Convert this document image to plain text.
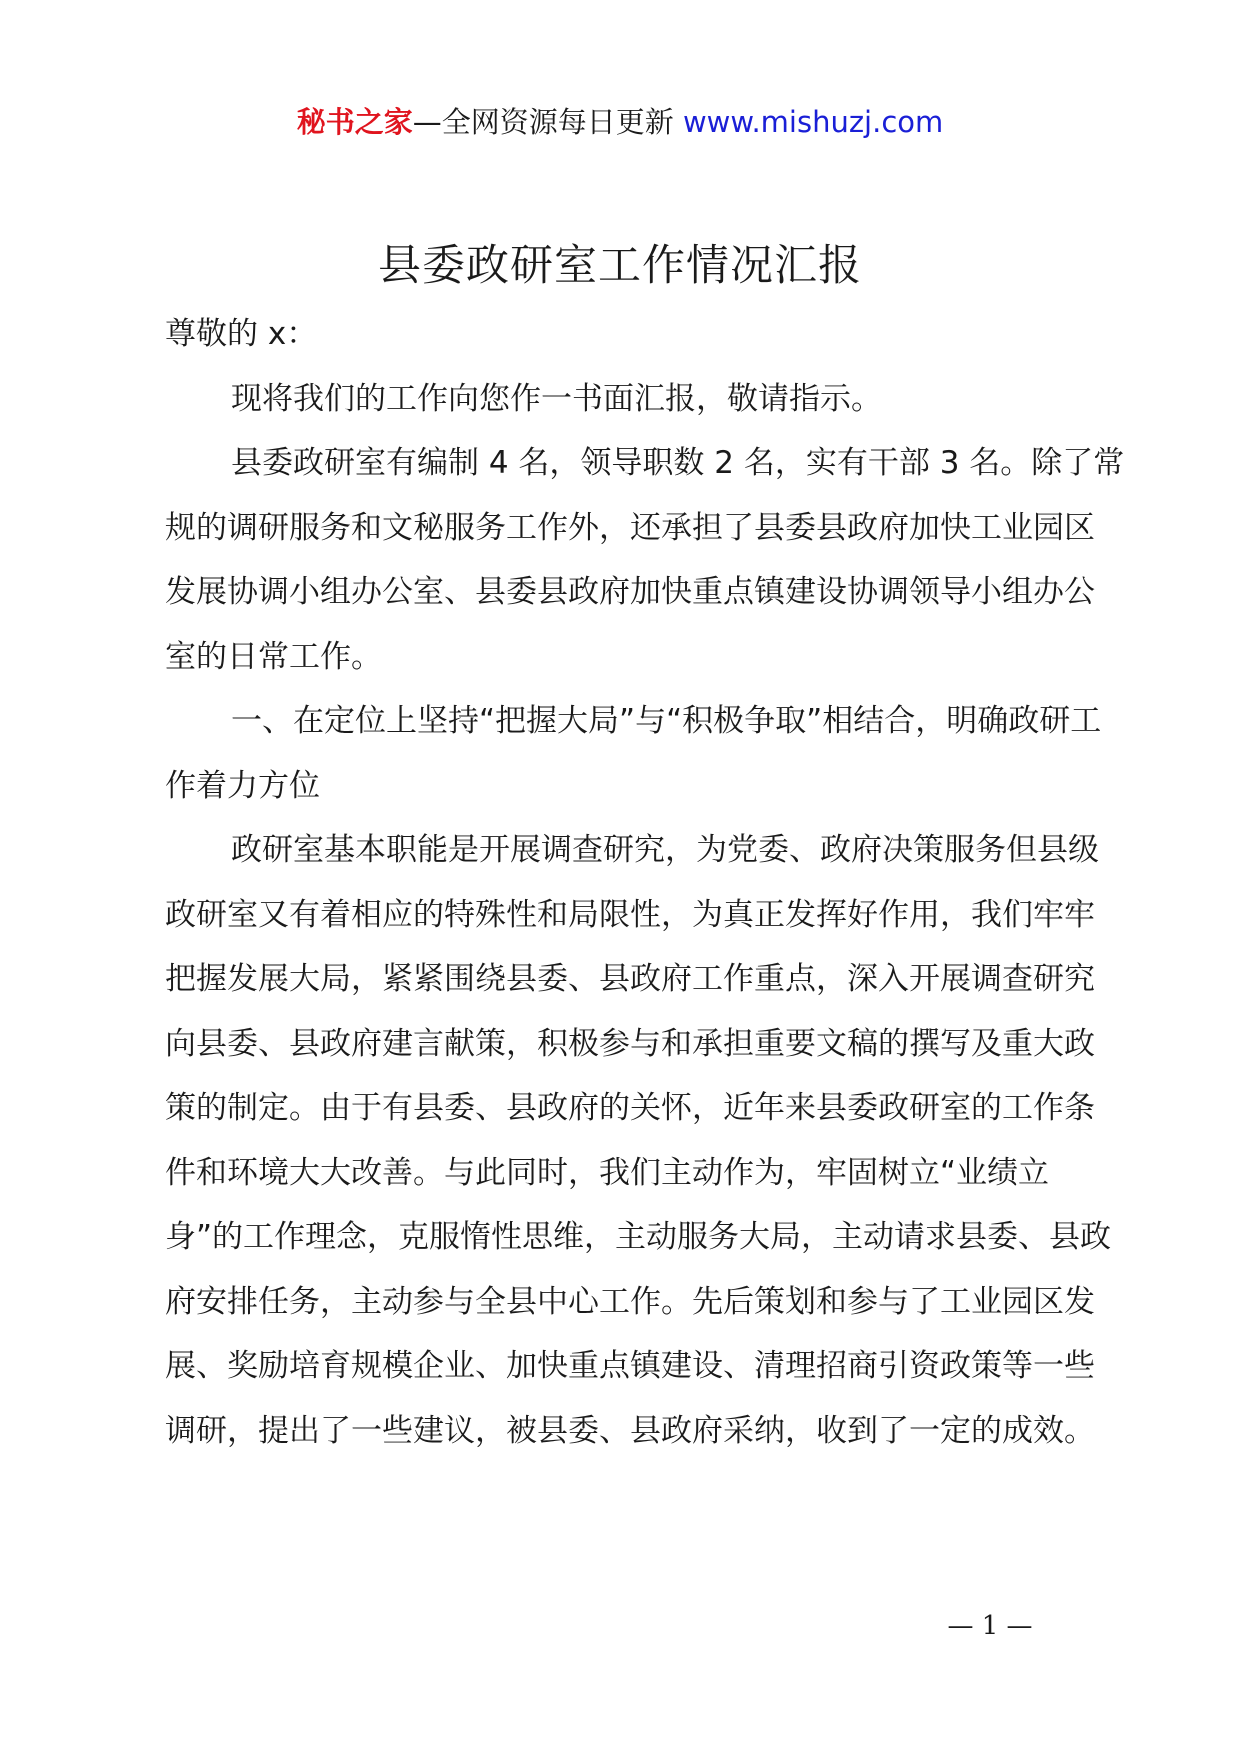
秘书之家—全网资源每日更新 www.mishuzj.com
县委政研室工作情况汇报

尊敬的 x：

现将我们的工作向您作一书面汇报，敬请指示。

县委政研室有编制 4 名，领导职数 2 名，实有干部 3 名。除了常规的调研服务和文秘服务工作外，还承担了县委县政府加快工业园区发展协调小组办公室、县委县政府加快重点镇建设协调领导小组办公室的日常工作。

一、在定位上坚持“把握大局”与“积极争取”相结合，明确政研工作着力方位

政研室基本职能是开展调查研究，为党委、政府决策服务但县级政研室又有着相应的特殊性和局限性，为真正发挥好作用，我们牢牢把握发展大局，紧紧围绕县委、县政府工作重点，深入开展调查研究向县委、县政府建言献策，积极参与和承担重要文稿的撰写及重大政策的制定。由于有县委、县政府的关怀，近年来县委政研室的工作条件和环境大大改善。与此同时，我们主动作为，牢固树立“业绩立身”的工作理念，克服惰性思维，主动服务大局，主动请求县委、县政府安排任务，主动参与全县中心工作。先后策划和参与了工业园区发展、奖励培育规模企业、加快重点镇建设、清理招商引资政策等一些调研，提出了一些建议，被县委、县政府采纳，收到了一定的成效。

— 1 —
